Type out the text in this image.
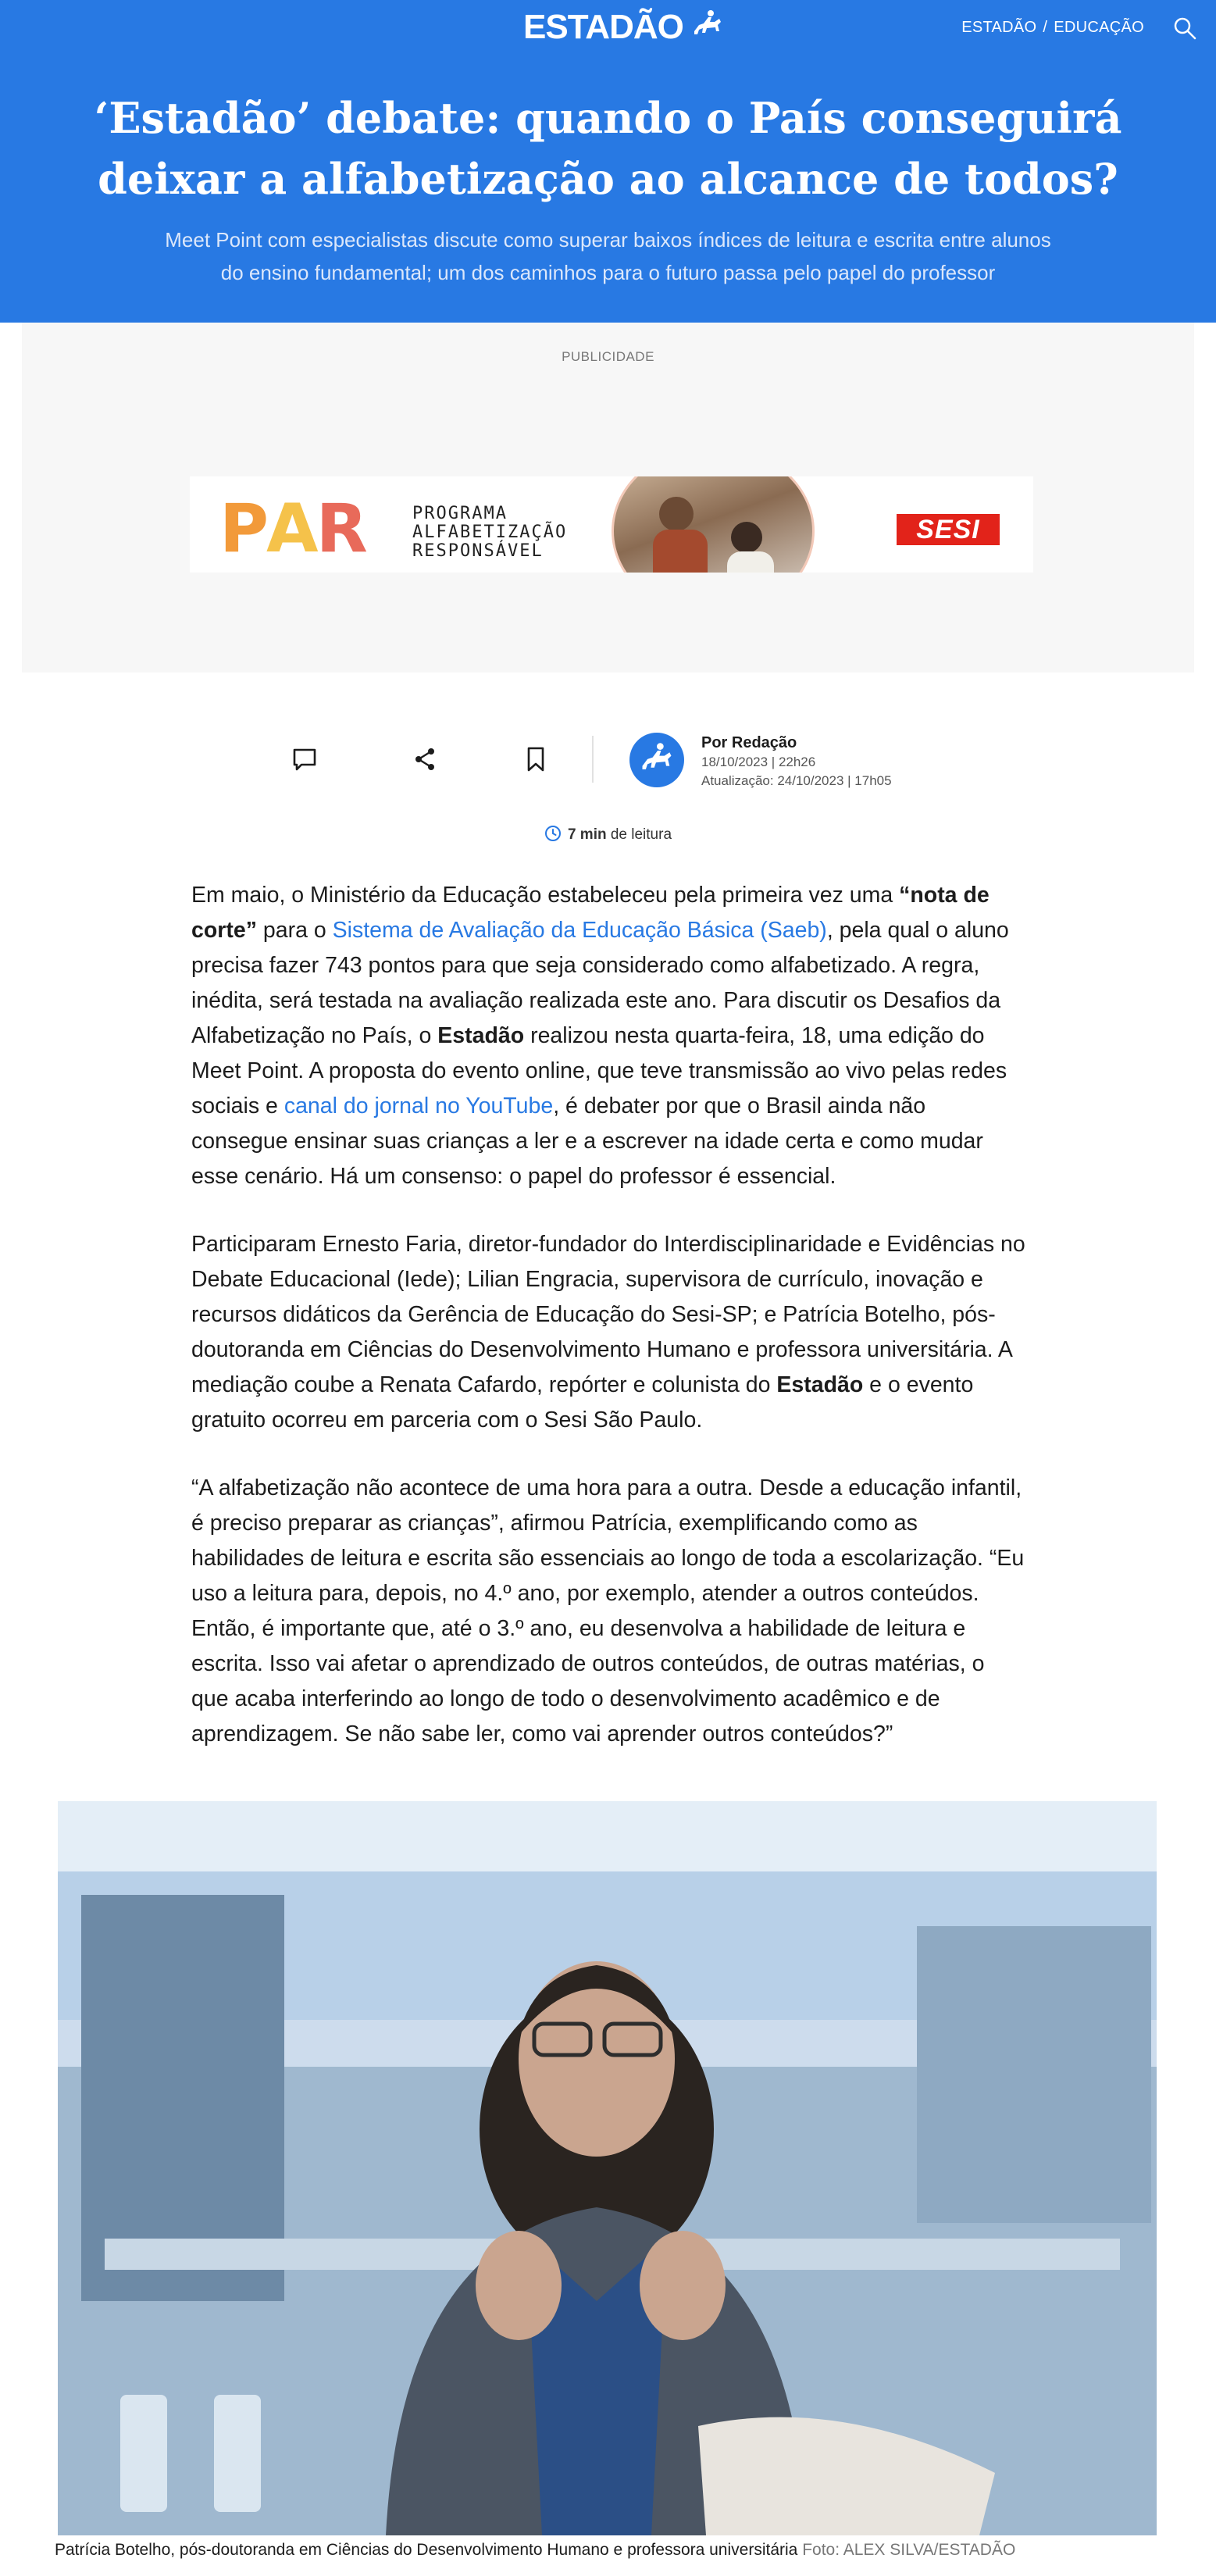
ESTADÃO	ESTADÃO / EDUCAÇÃO
‘Estadão’ debate: quando o País conseguirá deixar a alfabetização ao alcance de todos?

Meet Point com especialistas discute como superar baixos índices de leitura e escrita entre alunos do ensino fundamental; um dos caminhos para o futuro passa pelo papel do professor

PUBLICIDADE
P A R	PROGRAMA
ALFABETIZAÇÃO
RESPONSÁVEL
SESI
Por Redação
18/10/2023 | 22h26
Atualização: 24/10/2023 | 17h05
7 min de leitura

Em maio, o Ministério da Educação estabeleceu pela primeira vez uma “nota de corte” para o Sistema de Avaliação da Educação Básica (Saeb), pela qual o aluno precisa fazer 743 pontos para que seja considerado como alfabetizado. A regra, inédita, será testada na avaliação realizada este ano. Para discutir os Desafios da Alfabetização no País, o Estadão realizou nesta quarta-feira, 18, uma edição do Meet Point. A proposta do evento online, que teve transmissão ao vivo pelas redes sociais e canal do jornal no YouTube, é debater por que o Brasil ainda não consegue ensinar suas crianças a ler e a escrever na idade certa e como mudar esse cenário. Há um consenso: o papel do professor é essencial.

Participaram Ernesto Faria, diretor-fundador do Interdisciplinaridade e Evidências no Debate Educacional (Iede); Lilian Engracia, supervisora de currículo, inovação e recursos didáticos da Gerência de Educação do Sesi-SP; e Patrícia Botelho, pós-doutoranda em Ciências do Desenvolvimento Humano e professora universitária. A mediação coube a Renata Cafardo, repórter e colunista do Estadão e o evento gratuito ocorreu em parceria com o Sesi São Paulo.

“A alfabetização não acontece de uma hora para a outra. Desde a educação infantil, é preciso preparar as crianças”, afirmou Patrícia, exemplificando como as habilidades de leitura e escrita são essenciais ao longo de toda a escolarização. “Eu uso a leitura para, depois, no 4.º ano, por exemplo, atender a outros conteúdos. Então, é importante que, até o 3.º ano, eu desenvolva a habilidade de leitura e escrita. Isso vai afetar o aprendizado de outros conteúdos, de outras matérias, o que acaba interferindo ao longo de todo o desenvolvimento acadêmico e de aprendizagem. Se não sabe ler, como vai aprender outros conteúdos?”

Patrícia Botelho, pós-doutoranda em Ciências do Desenvolvimento Humano e professora universitária Foto: ALEX SILVA/ESTADÃO
